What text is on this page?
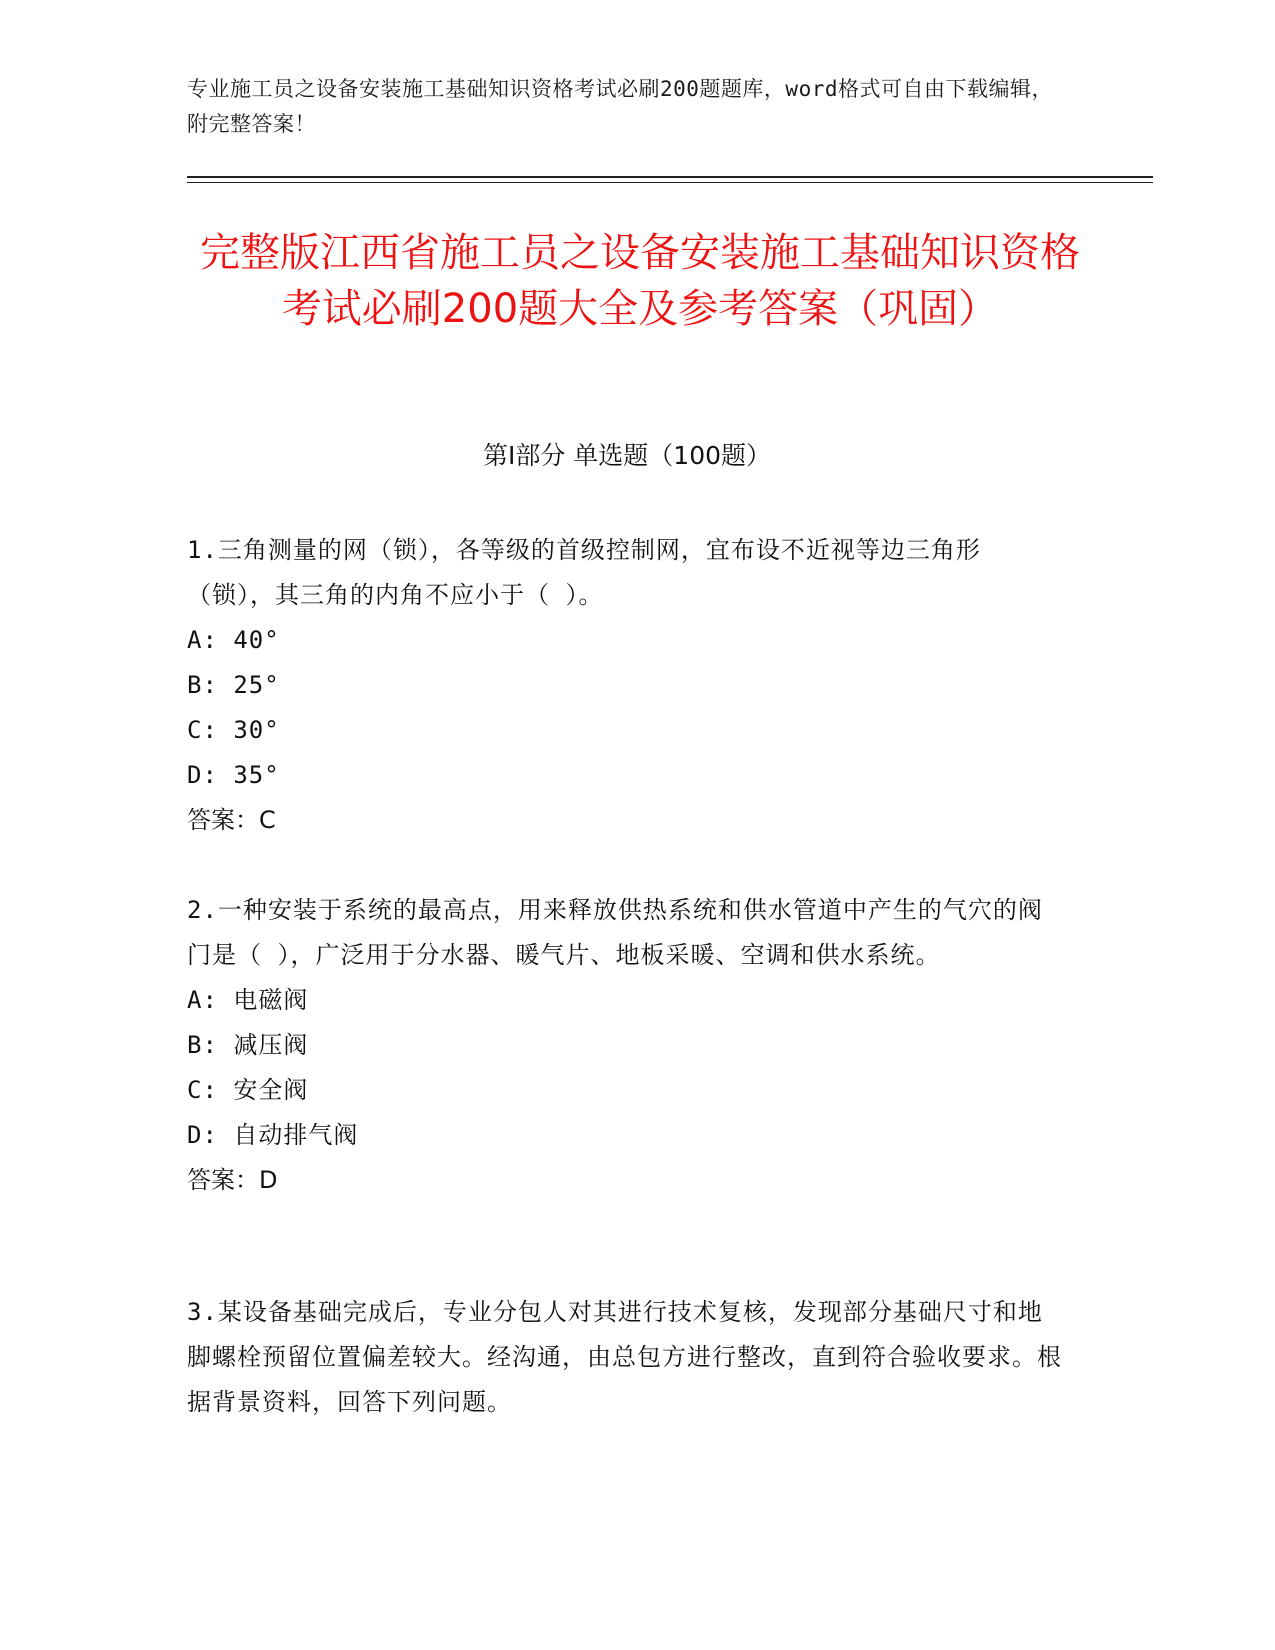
专业施工员之设备安装施工基础知识资格考试必刷200题题库，word格式可自由下载编辑，附完整答案！
完整版江西省施工员之设备安装施工基础知识资格考试必刷200题大全及参考答案（巩固）
第Ⅰ部分 单选题（100题）

1.三角测量的网（锁），各等级的首级控制网，宜布设不近视等边三角形（锁），其三角的内角不应小于（ ）。

A: 40°

B: 25°

C: 30°

D: 35°

答案：C

2.一种安装于系统的最高点，用来释放供热系统和供水管道中产生的气穴的阀门是（ ），广泛用于分水器、暖气片、地板采暖、空调和供水系统。

A: 电磁阀

B: 减压阀

C: 安全阀

D: 自动排气阀

答案：D

3.某设备基础完成后，专业分包人对其进行技术复核，发现部分基础尺寸和地脚螺栓预留位置偏差较大。经沟通，由总包方进行整改，直到符合验收要求。根据背景资料，回答下列问题。
